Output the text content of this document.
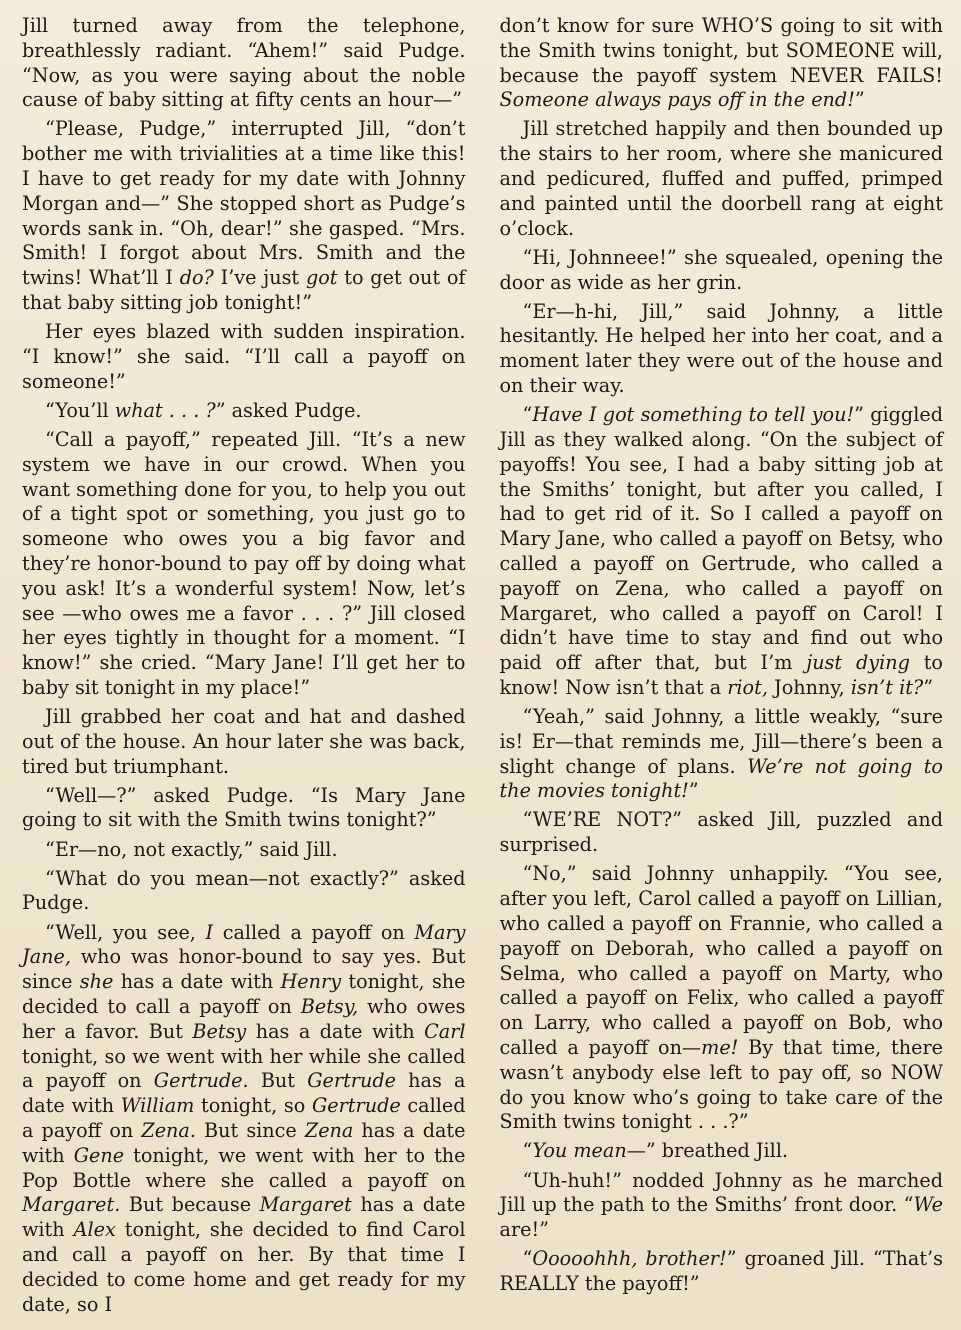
Jill turned away from the telephone, breathlessly radiant. “Ahem!” said Pudge. “Now, as you were saying about the noble cause of baby sitting at fifty cents an hour—”

“Please, Pudge,” interrupted Jill, “don’t bother me with trivialities at a time like this! I have to get ready for my date with Johnny Morgan and—” She stopped short as Pudge’s words sank in. “Oh, dear!” she gasped. “Mrs. Smith! I forgot about Mrs. Smith and the twins! What’ll I do? I’ve just got to get out of that baby sitting job tonight!”

Her eyes blazed with sudden inspiration. “I know!” she said. “I’ll call a payoff on someone!”

“You’ll what . . . ?” asked Pudge.

“Call a payoff,” repeated Jill. “It’s a new system we have in our crowd. When you want something done for you, to help you out of a tight spot or something, you just go to someone who owes you a big favor and they’re honor-bound to pay off by doing what you ask! It’s a wonderful system! Now, let’s see —who owes me a favor . . . ?” Jill closed her eyes tightly in thought for a moment. “I know!” she cried. “Mary Jane! I’ll get her to baby sit tonight in my place!”

Jill grabbed her coat and hat and dashed out of the house. An hour later she was back, tired but triumphant.

“Well—?” asked Pudge. “Is Mary Jane going to sit with the Smith twins tonight?”

“Er—no, not exactly,” said Jill.

“What do you mean—not exactly?” asked Pudge.

“Well, you see, I called a payoff on Mary Jane, who was honor-bound to say yes. But since she has a date with Henry tonight, she decided to call a payoff on Betsy, who owes her a favor. But Betsy has a date with Carl tonight, so we went with her while she called a payoff on Gertrude. But Gertrude has a date with William tonight, so Gertrude called a payoff on Zena. But since Zena has a date with Gene tonight, we went with her to the Pop Bottle where she called a payoff on Margaret. But because Margaret has a date with Alex tonight, she decided to find Carol and call a payoff on her. By that time I decided to come home and get ready for my date, so I

don’t know for sure WHO’S going to sit with the Smith twins tonight, but SOMEONE will, because the payoff system NEVER FAILS! Someone always pays off in the end!”

Jill stretched happily and then bounded up the stairs to her room, where she manicured and pedicured, fluffed and puffed, primped and painted until the doorbell rang at eight o’clock.

“Hi, Johnneee!” she squealed, opening the door as wide as her grin.

“Er—h-hi, Jill,” said Johnny, a little hesitantly. He helped her into her coat, and a moment later they were out of the house and on their way.

“Have I got something to tell you!” giggled Jill as they walked along. “On the subject of payoffs! You see, I had a baby sitting job at the Smiths’ tonight, but after you called, I had to get rid of it. So I called a payoff on Mary Jane, who called a payoff on Betsy, who called a payoff on Gertrude, who called a payoff on Zena, who called a payoff on Margaret, who called a payoff on Carol! I didn’t have time to stay and find out who paid off after that, but I’m just dying to know! Now isn’t that a riot, Johnny, isn’t it?”

“Yeah,” said Johnny, a little weakly, “sure is! Er—that reminds me, Jill—there’s been a slight change of plans. We’re not going to the movies tonight!”

“WE’RE NOT?” asked Jill, puzzled and surprised.

“No,” said Johnny unhappily. “You see, after you left, Carol called a payoff on Lillian, who called a payoff on Frannie, who called a payoff on Deborah, who called a payoff on Selma, who called a payoff on Marty, who called a payoff on Felix, who called a payoff on Larry, who called a payoff on Bob, who called a payoff on—me! By that time, there wasn’t anybody else left to pay off, so NOW do you know who’s going to take care of the Smith twins tonight . . .?”

“You mean—” breathed Jill.

“Uh-huh!” nodded Johnny as he marched Jill up the path to the Smiths’ front door. “We are!”

“Ooooohhh, brother!” groaned Jill. “That’s REALLY the payoff!”
